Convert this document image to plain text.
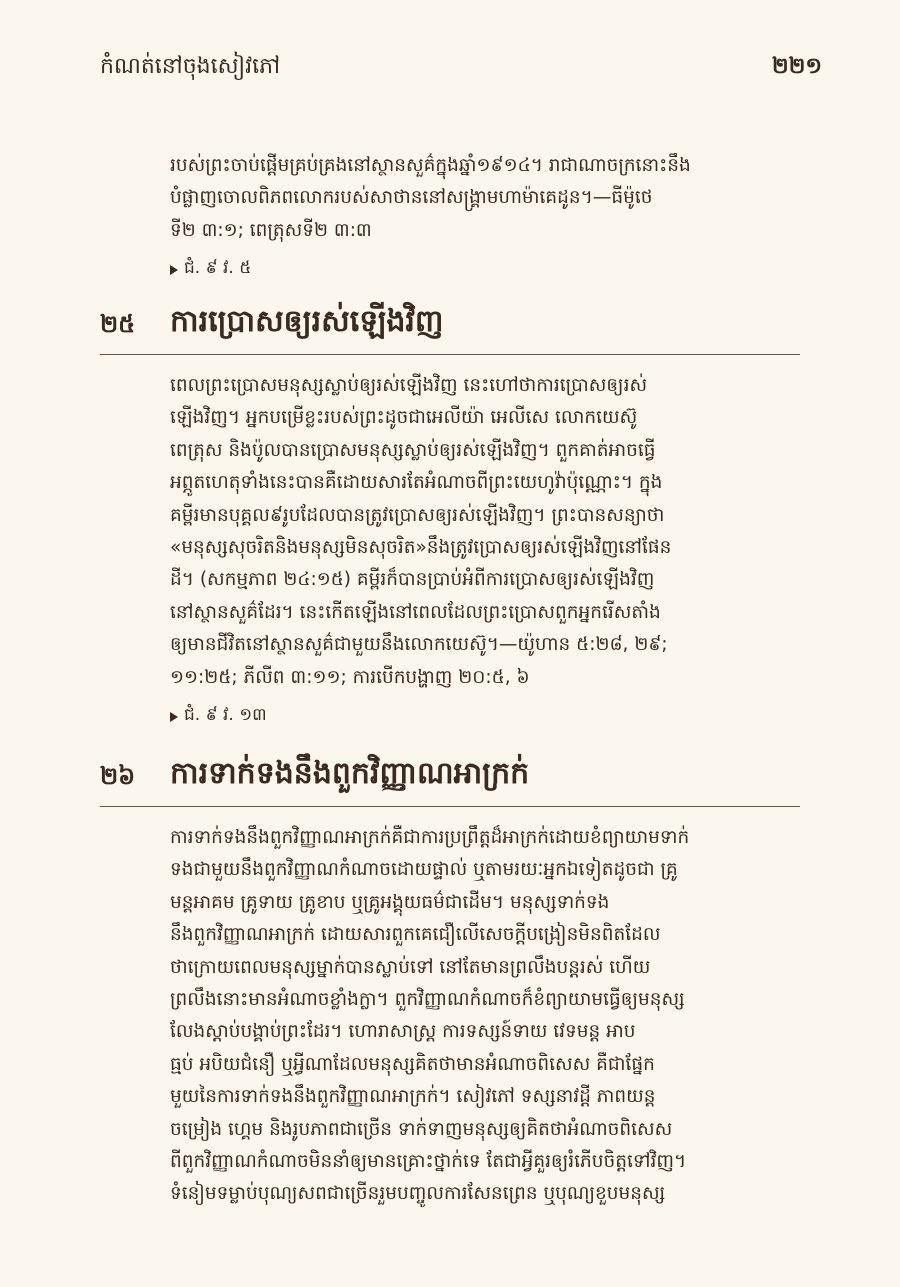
កំណត់នៅចុងសៀវភៅ	២២១

របស់ព្រះចាប់ផ្ដើមគ្រប់គ្រងនៅស្ថានសួគ៌ក្នុងឆ្នាំ១៩១៤។ រាជាណាចក្រនោះនឹង
បំផ្លាញចោលពិភពលោករបស់សាថាននៅសង្គ្រាមហាម៉ាគេដូន។—ធីម៉ូថេ
ទី២ ៣:១; ពេត្រុសទី២ ៣:៣

ជំ. ៩ វ. ៥
២៥ ការប្រោសឲ្យរស់ឡើងវិញ

ពេលព្រះប្រោសមនុស្សស្លាប់ឲ្យរស់ឡើងវិញ នេះហៅថាការប្រោសឲ្យរស់
ឡើងវិញ។ អ្នកបម្រើខ្លះរបស់ព្រះដូចជាអេលីយ៉ា អេលីសេ លោកយេស៊ូ
ពេត្រុស និងប៉ូលបានប្រោសមនុស្សស្លាប់ឲ្យរស់ឡើងវិញ។ ពួកគាត់អាចធ្វើ
អព្ភូតហេតុទាំងនេះបានគឺដោយសារតែអំណាចពីព្រះយេហូវ៉ាប៉ុណ្ណោះ។ ក្នុង
គម្ពីរមានបុគ្គល៩រូបដែលបានត្រូវប្រោសឲ្យរស់ឡើងវិញ។ ព្រះបានសន្យាថា
«មនុស្សសុចរិតនិងមនុស្សមិនសុចរិត»នឹងត្រូវប្រោសឲ្យរស់ឡើងវិញនៅផែន
ដី។ (សកម្មភាព ២៤:១៥) គម្ពីរក៏បានប្រាប់អំពីការប្រោសឲ្យរស់ឡើងវិញ
នៅស្ថានសួគ៌ដែរ។ នេះកើតឡើងនៅពេលដែលព្រះប្រោសពួកអ្នករើសតាំង
ឲ្យមានជីវិតនៅស្ថានសួគ៌ជាមួយនឹងលោកយេស៊ូ។—យ៉ូហាន ៥:២៨, ២៩;
១១:២៥; ភីលីព ៣:១១; ការបើកបង្ហាញ ២០:៥, ៦

ជំ. ៩ វ. ១៣
២៦ ការទាក់ទងនឹងពួកវិញ្ញាណអាក្រក់

ការទាក់ទងនឹងពួកវិញ្ញាណអាក្រក់គឺជាការប្រព្រឹត្តដ៏អាក្រក់ដោយខំព្យាយាមទាក់
ទងជាមួយនឹងពួកវិញ្ញាណកំណាចដោយផ្ទាល់ ឬតាមរយៈអ្នកឯទៀតដូចជា គ្រូ
មន្តអាគម គ្រូទាយ គ្រូខាប ឬគ្រូអង្គុយធម៌ជាដើម។ មនុស្សទាក់ទង
នឹងពួកវិញ្ញាណអាក្រក់ ដោយសារពួកគេជឿលើសេចក្ដីបង្រៀនមិនពិតដែល
ថាក្រោយពេលមនុស្សម្នាក់បានស្លាប់ទៅ នៅតែមានព្រលឹងបន្តរស់ ហើយ
ព្រលឹងនោះមានអំណាចខ្លាំងក្លា។ ពួកវិញ្ញាណកំណាចក៏ខំព្យាយាមធ្វើឲ្យមនុស្ស
លែងស្ដាប់បង្គាប់ព្រះដែរ។ ហោរាសាស្ត្រ ការទស្សន៍ទាយ វេទមន្ត អាប
ធ្មប់ អបិយជំនឿ ឬអ្វីណាដែលមនុស្សគិតថាមានអំណាចពិសេស គឺជាផ្នែក
មួយនៃការទាក់ទងនឹងពួកវិញ្ញាណអាក្រក់។ សៀវភៅ ទស្សនាវដ្ដី ភាពយន្ត
ចម្រៀង ហ្គេម និងរូបភាពជាច្រើន ទាក់ទាញមនុស្សឲ្យគិតថាអំណាចពិសេស
ពីពួកវិញ្ញាណកំណាចមិននាំឲ្យមានគ្រោះថ្នាក់ទេ តែជាអ្វីគួរឲ្យរំភើបចិត្តទៅវិញ។
ទំនៀមទម្លាប់បុណ្យសពជាច្រើនរួមបញ្ចូលការសែនព្រេន ឬបុណ្យខួបមនុស្ស
